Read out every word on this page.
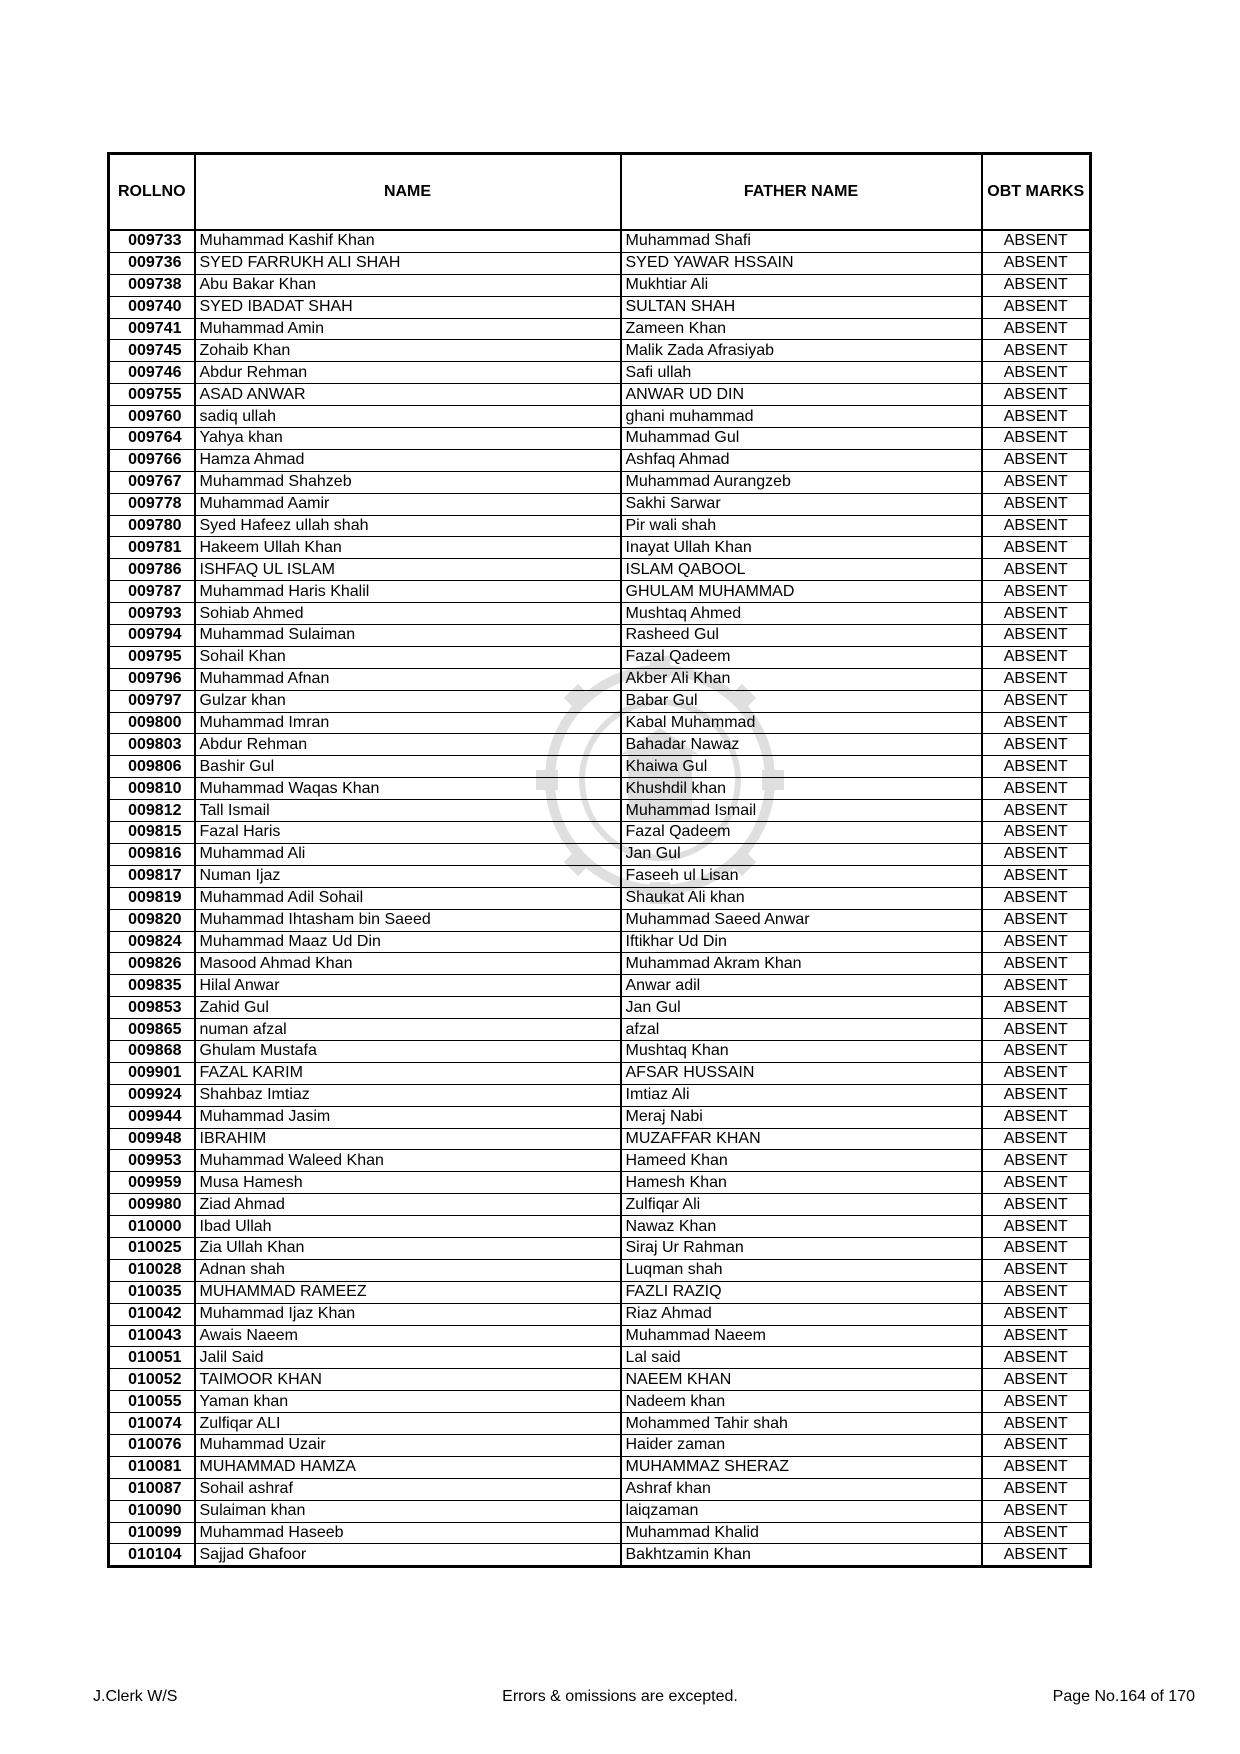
ROLLNO	NAME	FATHER NAME	OBT MARKS
009733	Muhammad Kashif Khan	Muhammad Shafi	ABSENT
009736	SYED FARRUKH ALI SHAH	SYED YAWAR HSSAIN	ABSENT
009738	Abu Bakar Khan	Mukhtiar Ali	ABSENT
009740	SYED IBADAT SHAH	SULTAN SHAH	ABSENT
009741	Muhammad Amin	Zameen Khan	ABSENT
009745	Zohaib Khan	Malik Zada Afrasiyab	ABSENT
009746	Abdur Rehman	Safi ullah	ABSENT
009755	ASAD ANWAR	ANWAR UD DIN	ABSENT
009760	sadiq ullah	ghani muhammad	ABSENT
009764	Yahya khan	Muhammad Gul	ABSENT
009766	Hamza Ahmad	Ashfaq Ahmad	ABSENT
009767	Muhammad Shahzeb	Muhammad Aurangzeb	ABSENT
009778	Muhammad Aamir	Sakhi Sarwar	ABSENT
009780	Syed Hafeez ullah shah	Pir wali shah	ABSENT
009781	Hakeem Ullah Khan	Inayat Ullah Khan	ABSENT
009786	ISHFAQ UL ISLAM	ISLAM QABOOL	ABSENT
009787	Muhammad Haris Khalil	GHULAM MUHAMMAD	ABSENT
009793	Sohiab Ahmed	Mushtaq Ahmed	ABSENT
009794	Muhammad Sulaiman	Rasheed Gul	ABSENT
009795	Sohail Khan	Fazal Qadeem	ABSENT
009796	Muhammad Afnan	Akber Ali Khan	ABSENT
009797	Gulzar khan	Babar Gul	ABSENT
009800	Muhammad Imran	Kabal Muhammad	ABSENT
009803	Abdur Rehman	Bahadar Nawaz	ABSENT
009806	Bashir Gul	Khaiwa Gul	ABSENT
009810	Muhammad Waqas Khan	Khushdil khan	ABSENT
009812	Tall Ismail	Muhammad Ismail	ABSENT
009815	Fazal Haris	Fazal Qadeem	ABSENT
009816	Muhammad Ali	Jan Gul	ABSENT
009817	Numan Ijaz	Faseeh ul Lisan	ABSENT
009819	Muhammad Adil Sohail	Shaukat Ali khan	ABSENT
009820	Muhammad Ihtasham bin Saeed	Muhammad Saeed Anwar	ABSENT
009824	Muhammad Maaz Ud Din	Iftikhar Ud Din	ABSENT
009826	Masood Ahmad Khan	Muhammad Akram Khan	ABSENT
009835	Hilal Anwar	Anwar adil	ABSENT
009853	Zahid Gul	Jan Gul	ABSENT
009865	numan afzal	afzal	ABSENT
009868	Ghulam Mustafa	Mushtaq Khan	ABSENT
009901	FAZAL KARIM	AFSAR HUSSAIN	ABSENT
009924	Shahbaz Imtiaz	Imtiaz Ali	ABSENT
009944	Muhammad Jasim	Meraj Nabi	ABSENT
009948	IBRAHIM	MUZAFFAR KHAN	ABSENT
009953	Muhammad Waleed Khan	Hameed Khan	ABSENT
009959	Musa Hamesh	Hamesh Khan	ABSENT
009980	Ziad Ahmad	Zulfiqar Ali	ABSENT
010000	Ibad Ullah	Nawaz Khan	ABSENT
010025	Zia Ullah Khan	Siraj Ur Rahman	ABSENT
010028	Adnan shah	Luqman shah	ABSENT
010035	MUHAMMAD RAMEEZ	FAZLI RAZIQ	ABSENT
010042	Muhammad Ijaz Khan	Riaz Ahmad	ABSENT
010043	Awais Naeem	Muhammad Naeem	ABSENT
010051	Jalil Said	Lal said	ABSENT
010052	TAIMOOR KHAN	NAEEM KHAN	ABSENT
010055	Yaman khan	Nadeem khan	ABSENT
010074	Zulfiqar ALI	Mohammed Tahir shah	ABSENT
010076	Muhammad Uzair	Haider zaman	ABSENT
010081	MUHAMMAD HAMZA	MUHAMMAZ SHERAZ	ABSENT
010087	Sohail ashraf	Ashraf khan	ABSENT
010090	Sulaiman khan	laiqzaman	ABSENT
010099	Muhammad Haseeb	Muhammad Khalid	ABSENT
010104	Sajjad Ghafoor	Bakhtzamin Khan	ABSENT
J.Clerk W/S	Errors & omissions are excepted.	Page No.164 of 170
